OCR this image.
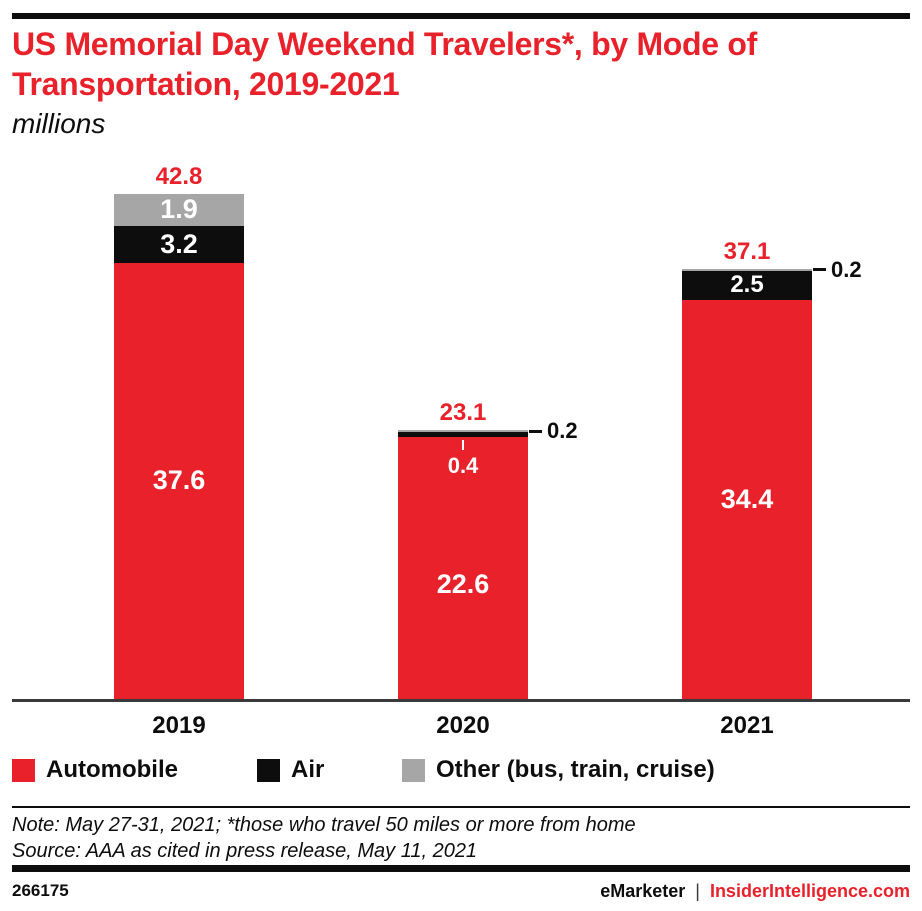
US Memorial Day Weekend Travelers*, by Mode of Transportation, 2019-2021
millions
37.6
3.2
1.9
42.8
22.6
0.4
0.2
23.1
34.4
2.5
0.2
37.1
2019	2020	2021
Automobile	Air	Other (bus, train, cruise)
Note: May 27-31, 2021; *those who travel 50 miles or more from home
Source: AAA as cited in press release, May 11, 2021
266175	eMarketer | InsiderIntelligence.com
